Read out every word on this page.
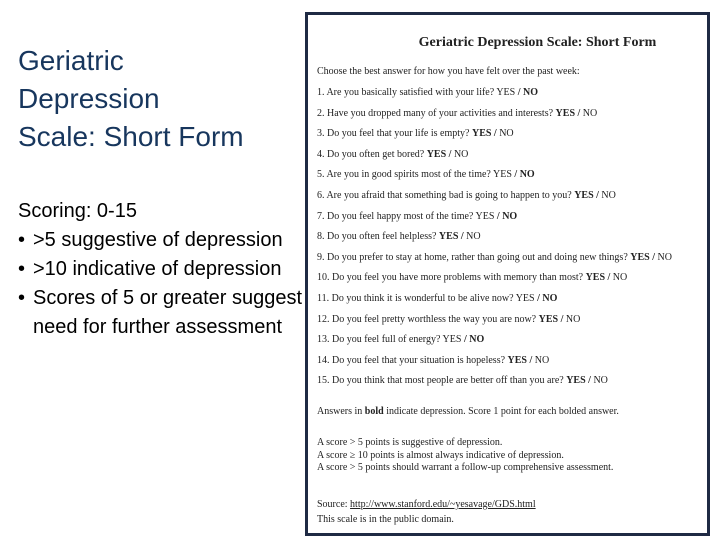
Geriatric
Depression
Scale: Short Form
Scoring: 0-15
• >5 suggestive of depression
• >10 indicative of depression
• Scores of 5 or greater suggest need for further assessment
Geriatric Depression Scale: Short Form
Choose the best answer for how you have felt over the past week:
1. Are you basically satisfied with your life? YES / NO
2. Have you dropped many of your activities and interests? YES / NO
3. Do you feel that your life is empty? YES / NO
4. Do you often get bored? YES / NO
5. Are you in good spirits most of the time? YES / NO
6. Are you afraid that something bad is going to happen to you? YES / NO
7. Do you feel happy most of the time? YES / NO
8. Do you often feel helpless? YES / NO
9. Do you prefer to stay at home, rather than going out and doing new things? YES / NO
10. Do you feel you have more problems with memory than most? YES / NO
11. Do you think it is wonderful to be alive now? YES / NO
12. Do you feel pretty worthless the way you are now? YES / NO
13. Do you feel full of energy? YES / NO
14. Do you feel that your situation is hopeless? YES / NO
15. Do you think that most people are better off than you are? YES / NO
Answers in bold indicate depression. Score 1 point for each bolded answer.
A score > 5 points is suggestive of depression.
A score ≥ 10 points is almost always indicative of depression.
A score > 5 points should warrant a follow-up comprehensive assessment.
Source: http://www.stanford.edu/~yesavage/GDS.html
This scale is in the public domain.
